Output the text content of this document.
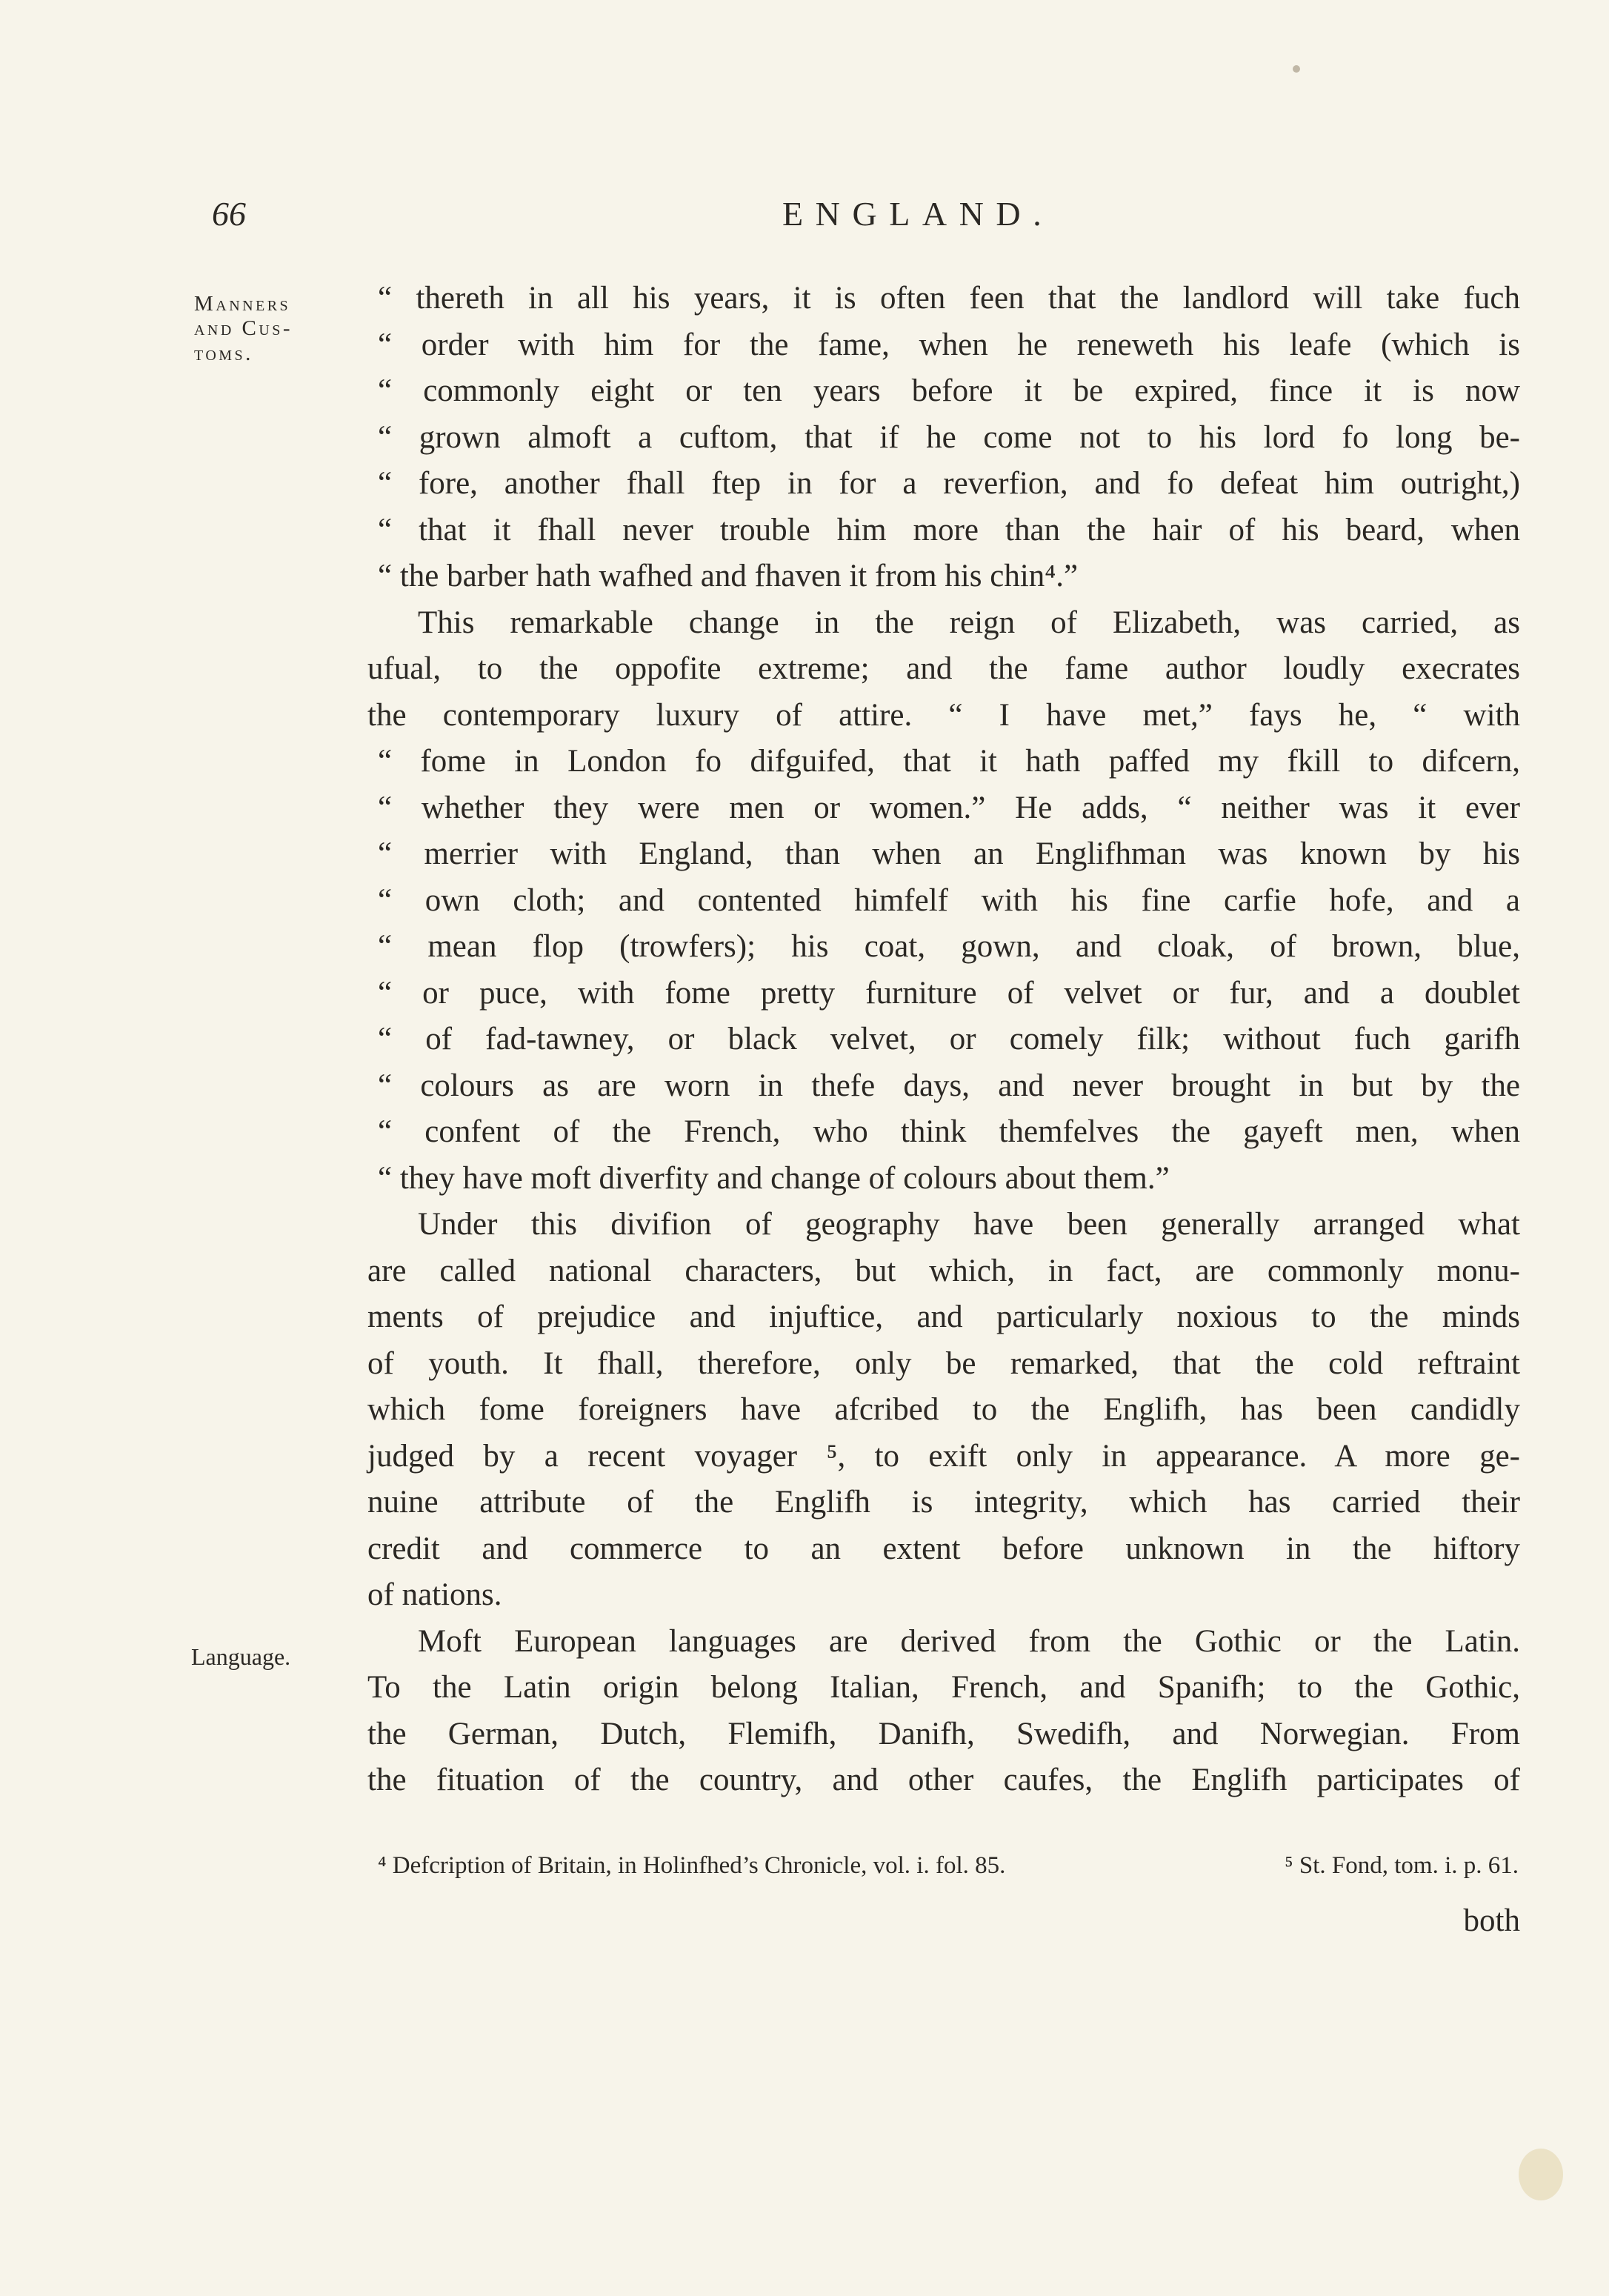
66	ENGLAND.
Manners
and Cus-
toms.
Language.
“ thereth in all his years, it is often feen that the landlord will take fuch
“ order with him for the fame, when he reneweth his leafe (which is
“ commonly eight or ten years before it be expired, fince it is now
“ grown almoft a cuftom, that if he come not to his lord fo long be-
“ fore, another fhall ftep in for a reverfion, and fo defeat him outright,)
“ that it fhall never trouble him more than the hair of his beard, when
“ the barber hath wafhed and fhaven it from his chin⁴.”
This remarkable change in the reign of Elizabeth, was carried, as
ufual, to the oppofite extreme; and the fame author loudly execrates
the contemporary luxury of attire. “ I have met,” fays he, “ with
“ fome in London fo difguifed, that it hath paffed my fkill to difcern,
“ whether they were men or women.” He adds, “ neither was it ever
“ merrier with England, than when an Englifhman was known by his
“ own cloth; and contented himfelf with his fine carfie hofe, and a
“ mean flop (trowfers); his coat, gown, and cloak, of brown, blue,
“ or puce, with fome pretty furniture of velvet or fur, and a doublet
“ of fad-tawney, or black velvet, or comely filk; without fuch garifh
“ colours as are worn in thefe days, and never brought in but by the
“ confent of the French, who think themfelves the gayeft men, when
“ they have moft diverfity and change of colours about them.”
Under this divifion of geography have been generally arranged what
are called national characters, but which, in fact, are commonly monu-
ments of prejudice and injuftice, and particularly noxious to the minds
of youth. It fhall, therefore, only be remarked, that the cold reftraint
which fome foreigners have afcribed to the Englifh, has been candidly
judged by a recent voyager ⁵, to exift only in appearance. A more ge-
nuine attribute of the Englifh is integrity, which has carried their
credit and commerce to an extent before unknown in the hiftory
of nations.
Moft European languages are derived from the Gothic or the Latin.
To the Latin origin belong Italian, French, and Spanifh; to the Gothic,
the German, Dutch, Flemifh, Danifh, Swedifh, and Norwegian. From
the fituation of the country, and other caufes, the Englifh participates of
⁴ Defcription of Britain, in Holinfhed’s Chronicle, vol. i. fol. 85.	⁵ St. Fond, tom. i. p. 61.
both
